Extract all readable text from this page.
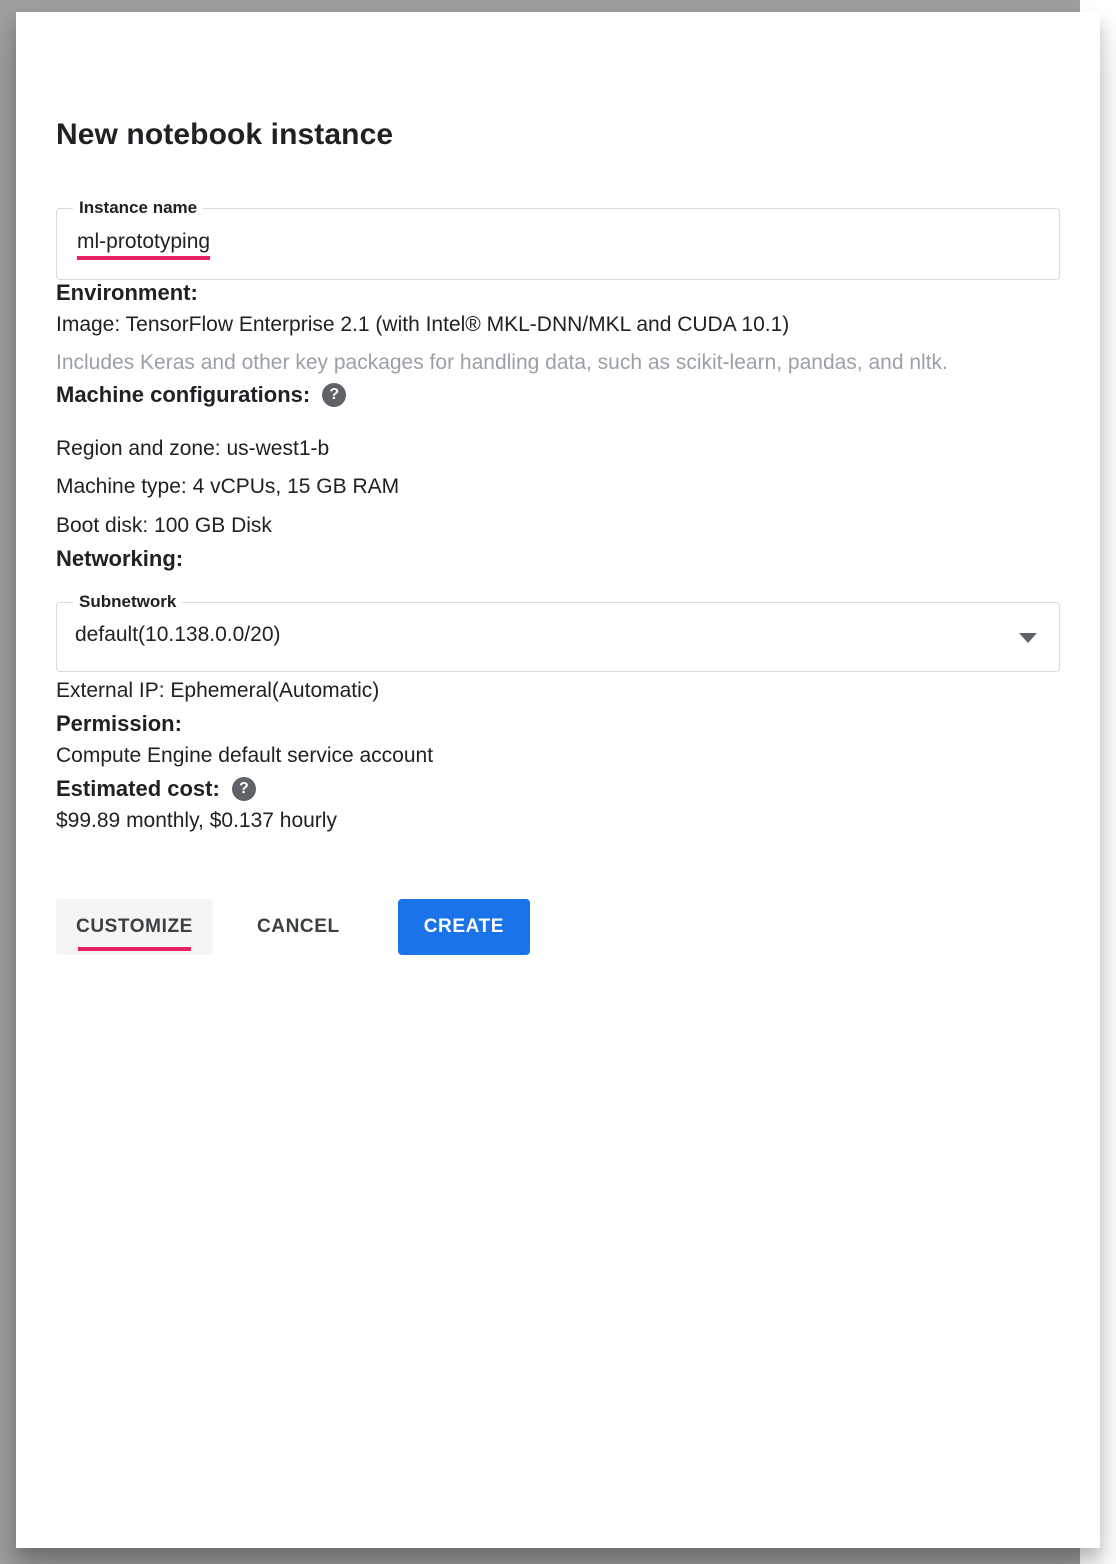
New notebook instance
Instance name
ml-prototyping
Environment:

Image: TensorFlow Enterprise 2.1 (with Intel® MKL-DNN/MKL and CUDA 10.1)

Includes Keras and other key packages for handling data, such as scikit-learn, pandas, and nltk.

Machine configurations:	?

Region and zone: us-west1-b

Machine type: 4 vCPUs, 15 GB RAM

Boot disk: 100 GB Disk

Networking:
Subnetwork
default(10.138.0.0/20)

External IP: Ephemeral(Automatic)

Permission:

Compute Engine default service account

Estimated cost:	?

$99.89 monthly, $0.137 hourly

CUSTOMIZE	CANCEL	CREATE
